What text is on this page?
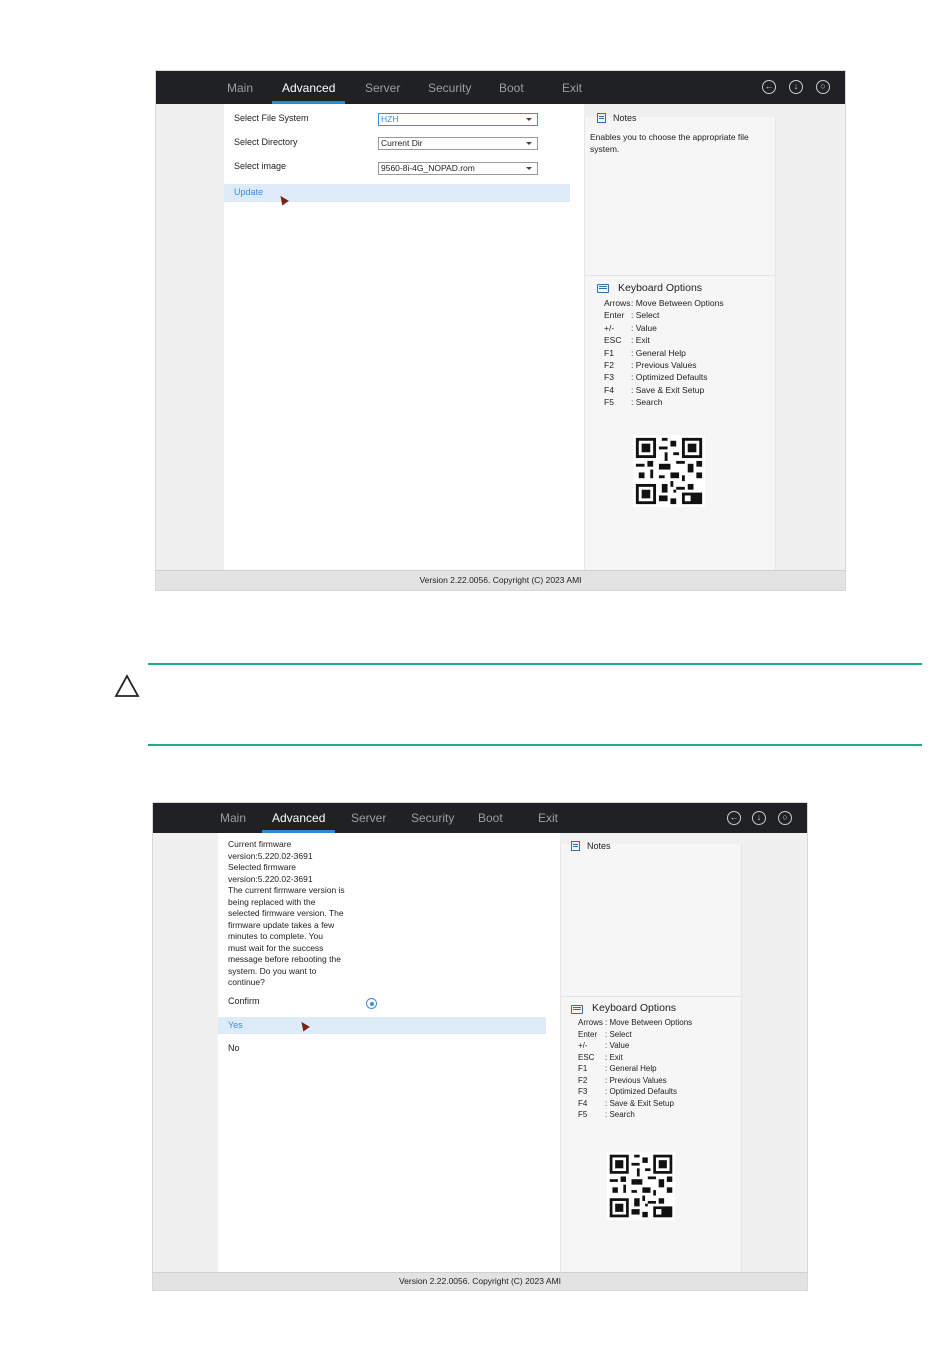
Main Advanced Server Security Boot	Exit	←	↓	○
Select File System	HZH
Select Directory	Current Dir
Select image	9560-8i-4G_NOPAD.rom
Update
Notes
Enables you to choose the appropriate file system.
Keyboard Options
Arrows: Move Between Options
Enter : Select
+/- : Value
ESC : Exit
F1 : General Help
F2 : Previous Values
F3 : Optimized Defaults
F4 : Save & Exit Setup
F5 : Search
Version 2.22.0056. Copyright (C) 2023 AMI
Main Advanced Server Security Boot	Exit	←	↓	○
Current firmware
version:5.220.02-3691
Selected firmware
version:5.220.02-3691
The current firmware version is
being replaced with the
selected firmware version. The
firmware update takes a few
minutes to complete. You
must wait for the success
message before rebooting the
system. Do you want to
continue?
Confirm
Yes
No
Notes
Keyboard Options
Arrows : Move Between Options
Enter : Select
+/- : Value
ESC : Exit
F1 : General Help
F2 : Previous Values
F3 : Optimized Defaults
F4 : Save & Exit Setup
F5 : Search
Version 2.22.0056. Copyright (C) 2023 AMI
